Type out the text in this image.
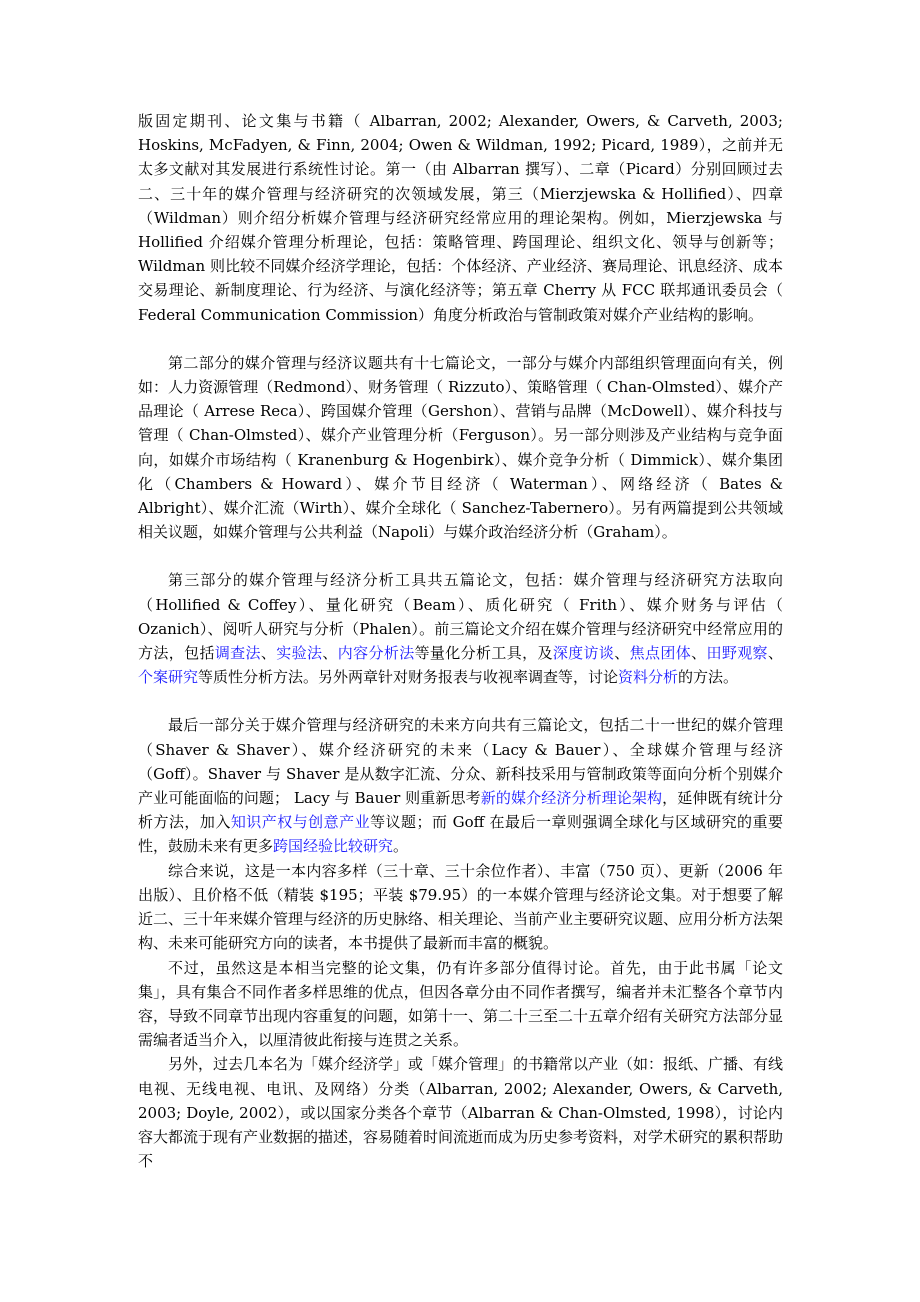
版固定期刊、论文集与书籍（ Albarran, 2002; Alexander, Owers, & Carveth, 2003; Hoskins, McFadyen, & Finn, 2004; Owen & Wildman, 1992; Picard, 1989），之前并无太多文献对其发展进行系统性讨论。第一（由 Albarran 撰写）、二章（Picard）分别回顾过去二、三十年的媒介管理与经济研究的次领域发展，第三（Mierzjewska & Hollified）、四章（Wildman）则介绍分析媒介管理与经济研究经常应用的理论架构。例如，Mierzjewska 与 Hollified 介绍媒介管理分析理论，包括：策略管理、跨国理论、组织文化、领导与创新等；Wildman 则比较不同媒介经济学理论，包括：个体经济、产业经济、赛局理论、讯息经济、成本交易理论、新制度理论、行为经济、与演化经济等；第五章 Cherry 从 FCC 联邦通讯委员会（ Federal Communication Commission）角度分析政治与管制政策对媒介产业结构的影响。

第二部分的媒介管理与经济议题共有十七篇论文，一部分与媒介内部组织管理面向有关，例如：人力资源管理（Redmond）、财务管理（ Rizzuto）、策略管理（ Chan-Olmsted）、媒介产品理论（ Arrese Reca）、跨国媒介管理（Gershon）、营销与品牌（McDowell）、媒介科技与管理（ Chan-Olmsted）、媒介产业管理分析（Ferguson）。另一部分则涉及产业结构与竞争面向，如媒介市场结构（ Kranenburg & Hogenbirk）、媒介竞争分析（ Dimmick）、媒介集团化（Chambers & Howard）、媒介节目经济（ Waterman）、网络经济（ Bates & Albright）、媒介汇流（Wirth）、媒介全球化（ Sanchez-Tabernero）。另有两篇提到公共领域相关议题，如媒介管理与公共利益（Napoli）与媒介政治经济分析（Graham）。

第三部分的媒介管理与经济分析工具共五篇论文，包括：媒介管理与经济研究方法取向（Hollified & Coffey）、量化研究（Beam）、质化研究（ Frith）、媒介财务与评估（ Ozanich）、阅听人研究与分析（Phalen）。前三篇论文介绍在媒介管理与经济研究中经常应用的方法，包括调查法、实验法、内容分析法等量化分析工具，及深度访谈、焦点团体、田野观察、个案研究等质性分析方法。另外两章针对财务报表与收视率调查等，讨论资料分析的方法。

最后一部分关于媒介管理与经济研究的未来方向共有三篇论文，包括二十一世纪的媒介管理（Shaver & Shaver）、媒介经济研究的未来（Lacy & Bauer）、全球媒介管理与经济（Goff）。Shaver 与 Shaver 是从数字汇流、分众、新科技采用与管制政策等面向分析个别媒介产业可能面临的问题； Lacy 与 Bauer 则重新思考新的媒介经济分析理论架构，延伸既有统计分析方法，加入知识产权与创意产业等议题；而 Goff 在最后一章则强调全球化与区域研究的重要性，鼓励未来有更多跨国经验比较研究。

综合来说，这是一本内容多样（三十章、三十余位作者）、丰富（750 页）、更新（2006 年出版）、且价格不低（精装 $195；平装 $79.95）的一本媒介管理与经济论文集。对于想要了解近二、三十年来媒介管理与经济的历史脉络、相关理论、当前产业主要研究议题、应用分析方法架构、未来可能研究方向的读者，本书提供了最新而丰富的概貌。

不过，虽然这是本相当完整的论文集，仍有许多部分值得讨论。首先，由于此书属「论文集」，具有集合不同作者多样思维的优点，但因各章分由不同作者撰写，编者并未汇整各个章节内容，导致不同章节出现内容重复的问题，如第十一、第二十三至二十五章介绍有关研究方法部分显需编者适当介入，以厘清彼此衔接与连贯之关系。

另外，过去几本名为「媒介经济学」或「媒介管理」的书籍常以产业（如：报纸、广播、有线电视、无线电视、电讯、及网络）分类（Albarran, 2002; Alexander, Owers, & Carveth, 2003; Doyle, 2002），或以国家分类各个章节（Albarran & Chan-Olmsted, 1998），讨论内容大都流于现有产业数据的描述，容易随着时间流逝而成为历史参考资料，对学术研究的累积帮助不
